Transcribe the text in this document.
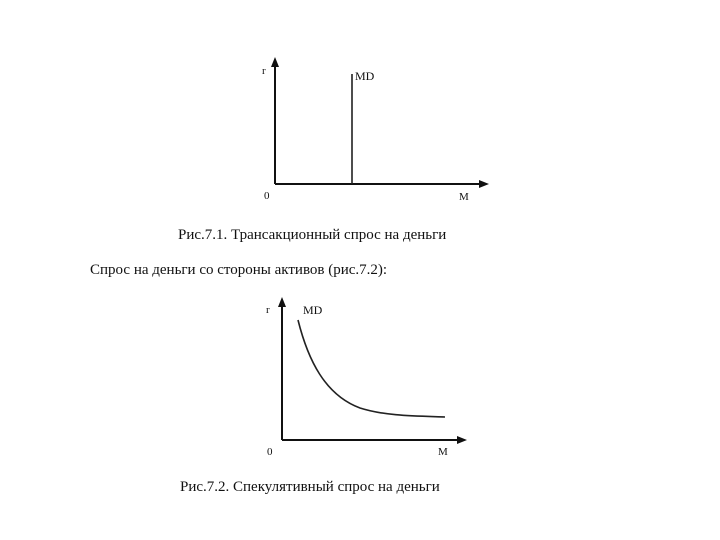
r
0	M
MD
r
0	M
MD
Рис.7.1. Трансакционный спрос на деньги
Спрос на деньги со стороны активов (рис.7.2):
Рис.7.2. Спекулятивный спрос на деньги
